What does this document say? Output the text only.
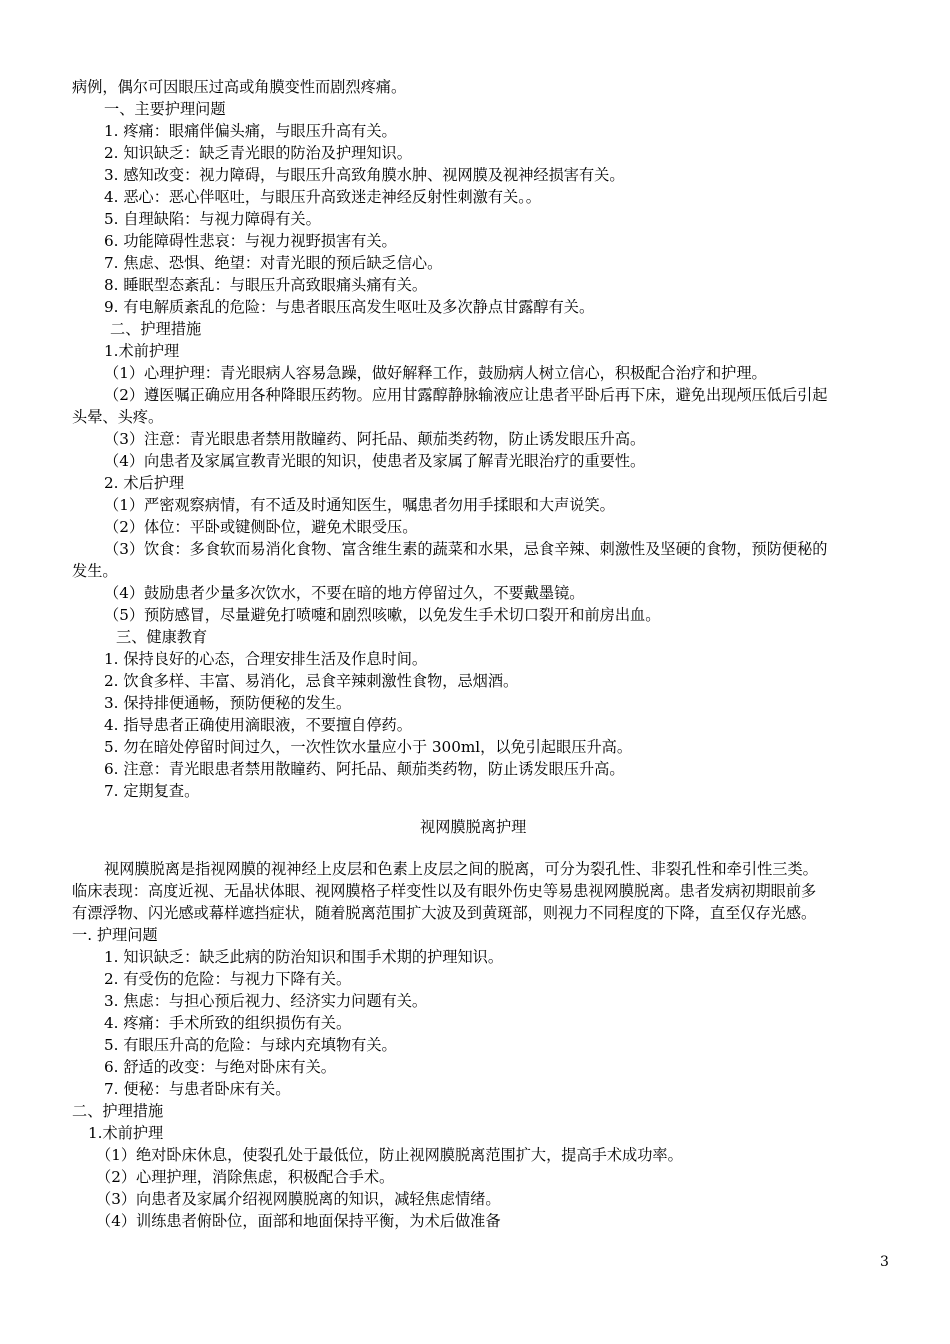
病例，偶尔可因眼压过高或角膜变性而剧烈疼痛。
一、主要护理问题
1. 疼痛：眼痛伴偏头痛，与眼压升高有关。
2. 知识缺乏：缺乏青光眼的防治及护理知识。
3. 感知改变：视力障碍，与眼压升高致角膜水肿、视网膜及视神经损害有关。
4. 恶心：恶心伴呕吐，与眼压升高致迷走神经反射性刺激有关。。
5. 自理缺陷：与视力障碍有关。
6. 功能障碍性悲哀：与视力视野损害有关。
7. 焦虑、恐惧、绝望：对青光眼的预后缺乏信心。
8. 睡眠型态紊乱：与眼压升高致眼痛头痛有关。
9. 有电解质紊乱的危险：与患者眼压高发生呕吐及多次静点甘露醇有关。
二、护理措施
1.术前护理
（1）心理护理：青光眼病人容易急躁，做好解释工作，鼓励病人树立信心，积极配合治疗和护理。
（2）遵医嘱正确应用各种降眼压药物。应用甘露醇静脉输液应让患者平卧后再下床，避免出现颅压低后引起
头晕、头疼。
（3）注意：青光眼患者禁用散瞳药、阿托品、颠茄类药物，防止诱发眼压升高。
（4）向患者及家属宣教青光眼的知识，使患者及家属了解青光眼治疗的重要性。
2. 术后护理
（1）严密观察病情，有不适及时通知医生，嘱患者勿用手揉眼和大声说笑。
（2）体位：平卧或键侧卧位，避免术眼受压。
（3）饮食：多食软而易消化食物、富含维生素的蔬菜和水果，忌食辛辣、刺激性及坚硬的食物，预防便秘的
发生。
（4）鼓励患者少量多次饮水，不要在暗的地方停留过久，不要戴墨镜。
（5）预防感冒，尽量避免打喷嚏和剧烈咳嗽，以免发生手术切口裂开和前房出血。
三、健康教育
1. 保持良好的心态，合理安排生活及作息时间。
2. 饮食多样、丰富、易消化，忌食辛辣刺激性食物，忌烟酒。
3. 保持排便通畅，预防便秘的发生。
4. 指导患者正确使用滴眼液，不要擅自停药。
5. 勿在暗处停留时间过久，一次性饮水量应小于 300ml，以免引起眼压升高。
6. 注意：青光眼患者禁用散瞳药、阿托品、颠茄类药物，防止诱发眼压升高。
7. 定期复查。
视网膜脱离护理
视网膜脱离是指视网膜的视神经上皮层和色素上皮层之间的脱离，可分为裂孔性、非裂孔性和牵引性三类。
临床表现：高度近视、无晶状体眼、视网膜格子样变性以及有眼外伤史等易患视网膜脱离。患者发病初期眼前多
有漂浮物、闪光感或幕样遮挡症状，随着脱离范围扩大波及到黄斑部，则视力不同程度的下降，直至仅存光感。
一. 护理问题
1. 知识缺乏：缺乏此病的防治知识和围手术期的护理知识。
2. 有受伤的危险：与视力下降有关。
3. 焦虑：与担心预后视力、经济实力问题有关。
4. 疼痛：手术所致的组织损伤有关。
5. 有眼压升高的危险：与球内充填物有关。
6. 舒适的改变：与绝对卧床有关。
7. 便秘：与患者卧床有关。
二、护理措施
1.术前护理
（1）绝对卧床休息，使裂孔处于最低位，防止视网膜脱离范围扩大，提高手术成功率。
（2）心理护理，消除焦虑，积极配合手术。
（3）向患者及家属介绍视网膜脱离的知识，减轻焦虑情绪。
（4）训练患者俯卧位，面部和地面保持平衡，为术后做准备
3
